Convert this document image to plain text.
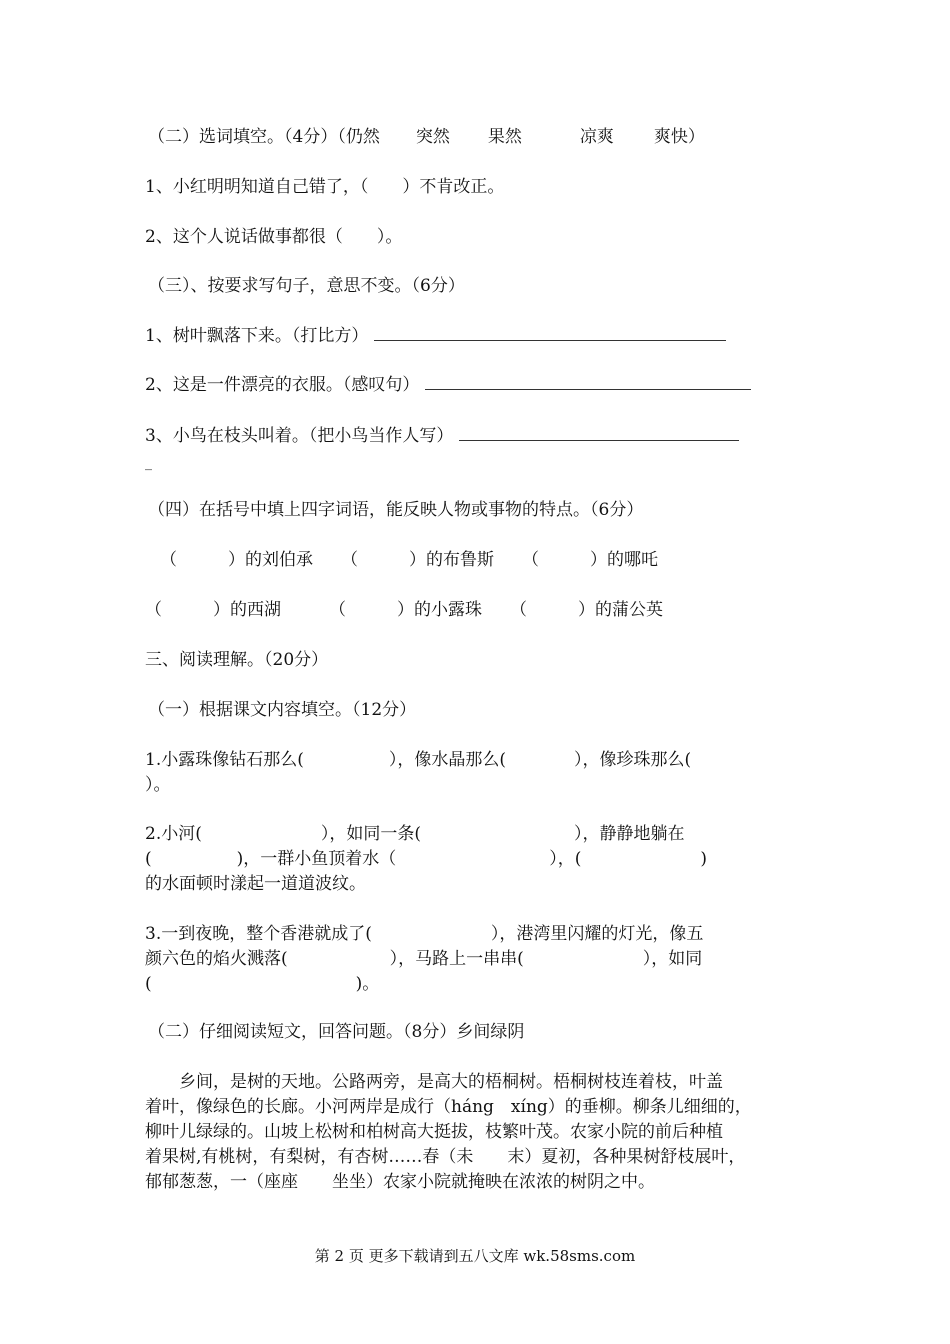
（二）选词填空。（4分）（仍然 突然 果然	凉爽 爽快）
1、小红明明知道自己错了，（　　）不肯改正。
2、这个人说话做事都很（　　）。
（三）、按要求写句子，意思不变。（6分）
1、树叶飘落下来。（打比方）
2、这是一件漂亮的衣服。（感叹句）
3、小鸟在枝头叫着。（把小鸟当作人写）
_
（四）在括号中填上四字词语，能反映人物或事物的特点。（6分）
（　　　）的刘伯承 （　　　）的布鲁斯 （　　　）的哪吒
（　　　）的西湖	（　　　）的小露珠 （　　　）的蒲公英
三、阅读理解。（20分）
（一）根据课文内容填空。（12分）
1.小露珠像钻石那么(　　　　　），像水晶那么(　　　　），像珍珠那么(
）。
2.小河(　　　　　　　），如同一条(　　　　　　　　　），静静地躺在
(　　　　　)，一群小鱼顶着水（　　　　　　　　　），(　　　　　　　)
的水面顿时漾起一道道波纹。
3.一到夜晚，整个香港就成了(　　　　　　　），港湾里闪耀的灯光，像五
颜六色的焰火溅落(　　　　　　），马路上一串串(　　　　　　　），如同
(　　　　　　　　　　　　)。
（二）仔细阅读短文，回答问题。（8分）乡间绿阴
　　乡间，是树的天地。公路两旁，是高大的梧桐树。梧桐树枝连着枝，叶盖
着叶，像绿色的长廊。小河两岸是成行（háng　xíng）的垂柳。柳条儿细细的，
柳叶儿绿绿的。山坡上松树和柏树高大挺拔，枝繁叶茂。农家小院的前后种植
着果树,有桃树，有梨树，有杏树……春（未　　末）夏初，各种果树舒枝展叶，
郁郁葱葱，一（座座　　坐坐）农家小院就掩映在浓浓的树阴之中。
第 2 页 更多下载请到五八文库 wk.58sms.com
